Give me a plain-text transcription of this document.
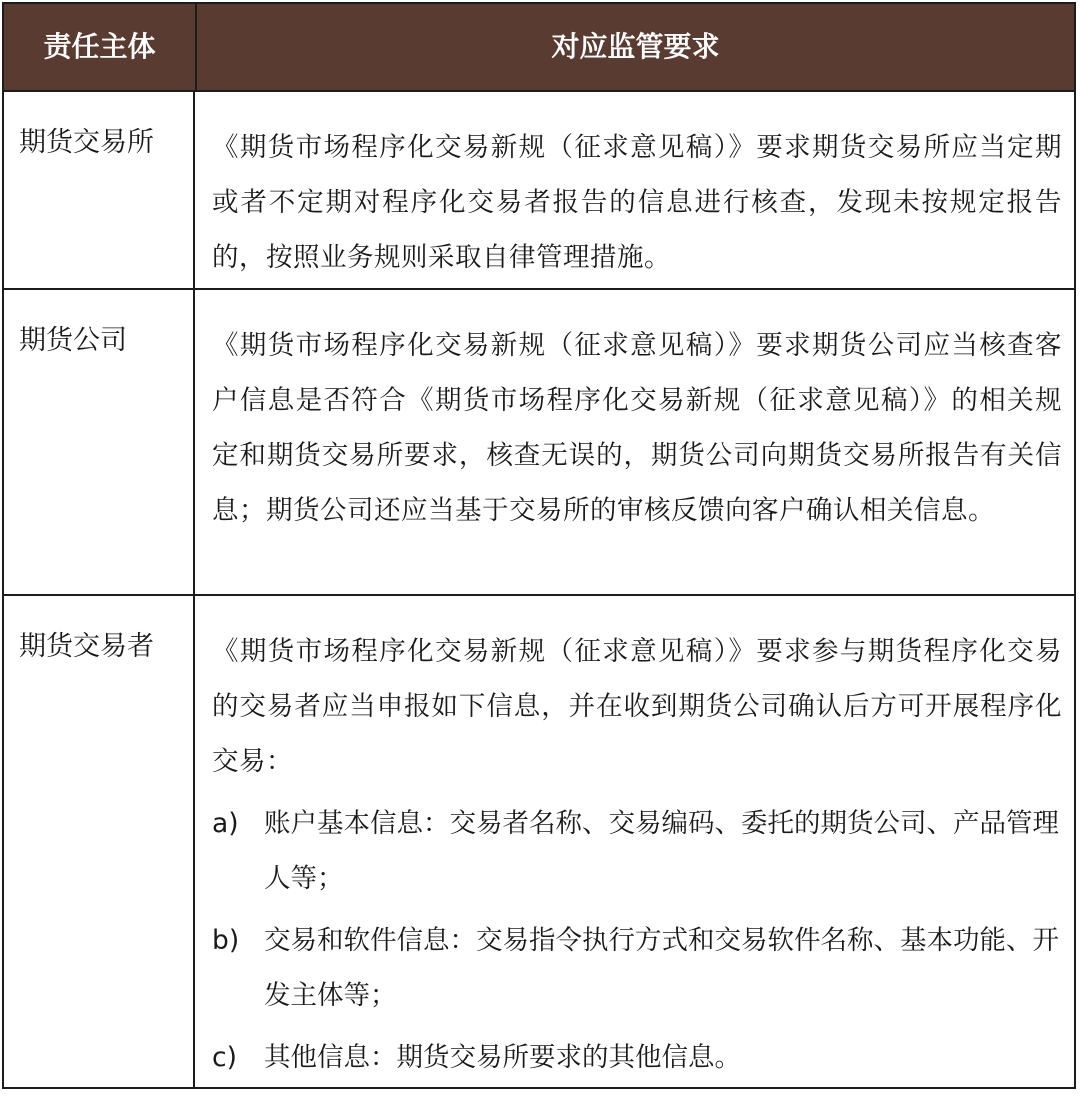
责任主体	对应监管要求
期货交易所	《期货市场程序化交易新规（征求意见稿）》要求期货交易所应当定期或者不定期对程序化交易者报告的信息进行核查，发现未按规定报告的，按照业务规则采取自律管理措施。

期货公司	《期货市场程序化交易新规（征求意见稿）》要求期货公司应当核查客户信息是否符合《期货市场程序化交易新规（征求意见稿）》的相关规定和期货交易所要求，核查无误的，期货公司向期货交易所报告有关信息；期货公司还应当基于交易所的审核反馈向客户确认相关信息。

期货交易者	《期货市场程序化交易新规（征求意见稿）》要求参与期货程序化交易的交易者应当申报如下信息，并在收到期货公司确认后方可开展程序化交易：

a) 账户基本信息：交易者名称、交易编码、委托的期货公司、产品管理人等；
b) 交易和软件信息：交易指令执行方式和交易软件名称、基本功能、开发主体等；
c) 其他信息：期货交易所要求的其他信息。
